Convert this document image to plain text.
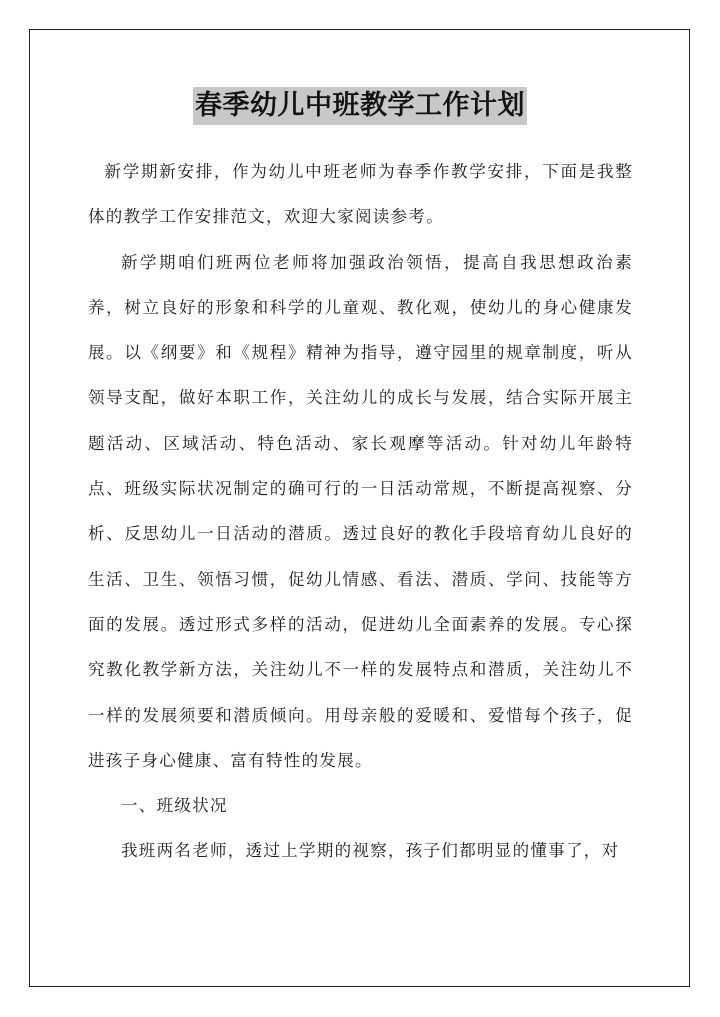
春季幼儿中班教学工作计划

新学期新安排，作为幼儿中班老师为春季作教学安排，下面是我整体的教学工作安排范文，欢迎大家阅读参考。

新学期咱们班两位老师将加强政治领悟，提高自我思想政治素养，树立良好的形象和科学的儿童观、教化观，使幼儿的身心健康发展。以《纲要》和《规程》精神为指导，遵守园里的规章制度，听从领导支配，做好本职工作，关注幼儿的成长与发展，结合实际开展主题活动、区域活动、特色活动、家长观摩等活动。针对幼儿年龄特点、班级实际状况制定的确可行的一日活动常规，不断提高视察、分析、反思幼儿一日活动的潜质。透过良好的教化手段培育幼儿良好的生活、卫生、领悟习惯，促幼儿情感、看法、潜质、学问、技能等方面的发展。透过形式多样的活动，促进幼儿全面素养的发展。专心探究教化教学新方法，关注幼儿不一样的发展特点和潜质，关注幼儿不一样的发展须要和潜质倾向。用母亲般的爱暖和、爱惜每个孩子，促进孩子身心健康、富有特性的发展。

一、班级状况

我班两名老师，透过上学期的视察，孩子们都明显的懂事了，对
